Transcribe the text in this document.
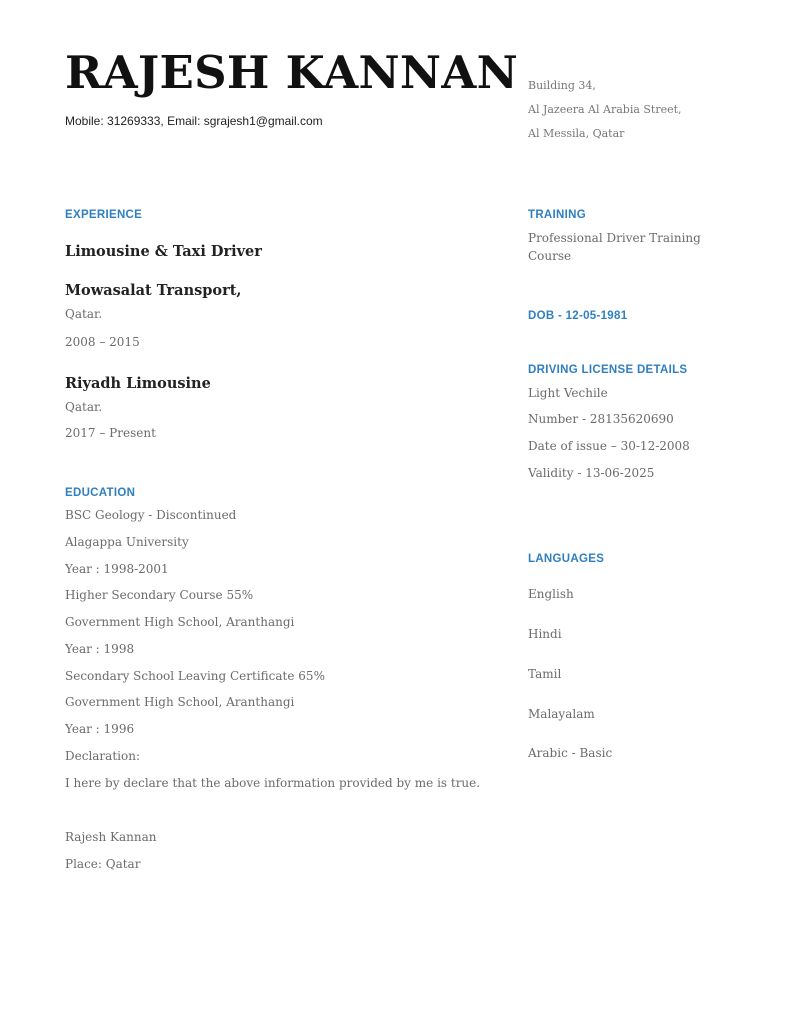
RAJESH KANNAN
Mobile: 31269333, Email: sgrajesh1@gmail.com
Building 34,
Al Jazeera Al Arabia Street,
Al Messila, Qatar
EXPERIENCE
Limousine & Taxi Driver
Mowasalat Transport,
Qatar.
2008 – 2015
Riyadh Limousine
Qatar.
2017 – Present
EDUCATION
BSC Geology - Discontinued
Alagappa University
Year : 1998-2001
Higher Secondary Course 55%
Government High School, Aranthangi
Year : 1998
Secondary School Leaving Certificate 65%
Government High School, Aranthangi
Year : 1996
Declaration:
I here by declare that the above information provided by me is true.
Rajesh Kannan
Place: Qatar
TRAINING
Professional Driver Training
Course
DOB - 12-05-1981
DRIVING LICENSE DETAILS
Light Vechile
Number - 28135620690
Date of issue – 30-12-2008
Validity - 13-06-2025
LANGUAGES
English
Hindi
Tamil
Malayalam
Arabic - Basic
